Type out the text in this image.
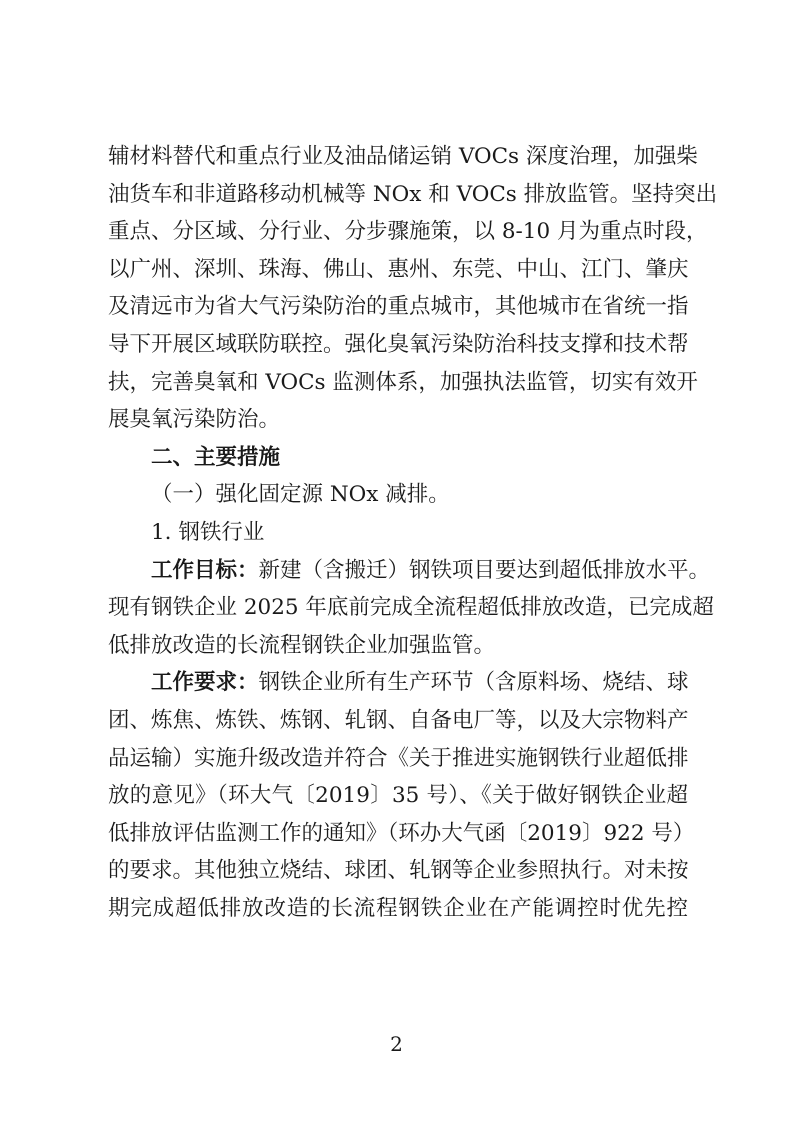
辅材料替代和重点行业及油品储运销 VOCs 深度治理，加强柴
油货车和非道路移动机械等 NOx 和 VOCs 排放监管。坚持突出
重点、分区域、分行业、分步骤施策，以 8-10 月为重点时段，
以广州、深圳、珠海、佛山、惠州、东莞、中山、江门、肇庆
及清远市为省大气污染防治的重点城市，其他城市在省统一指
导下开展区域联防联控。强化臭氧污染防治科技支撑和技术帮
扶，完善臭氧和 VOCs 监测体系，加强执法监管，切实有效开
展臭氧污染防治。
二、主要措施
（一）强化固定源 NOx 减排。
1. 钢铁行业
工作目标：新建（含搬迁）钢铁项目要达到超低排放水平。
现有钢铁企业 2025 年底前完成全流程超低排放改造，已完成超
低排放改造的长流程钢铁企业加强监管。
工作要求：钢铁企业所有生产环节（含原料场、烧结、球
团、炼焦、炼铁、炼钢、轧钢、自备电厂等，以及大宗物料产
品运输）实施升级改造并符合《关于推进实施钢铁行业超低排
放的意见》（环大气〔2019〕35 号）、《关于做好钢铁企业超
低排放评估监测工作的通知》（环办大气函〔2019〕922 号）
的要求。其他独立烧结、球团、轧钢等企业参照执行。对未按
期完成超低排放改造的长流程钢铁企业在产能调控时优先控
2
